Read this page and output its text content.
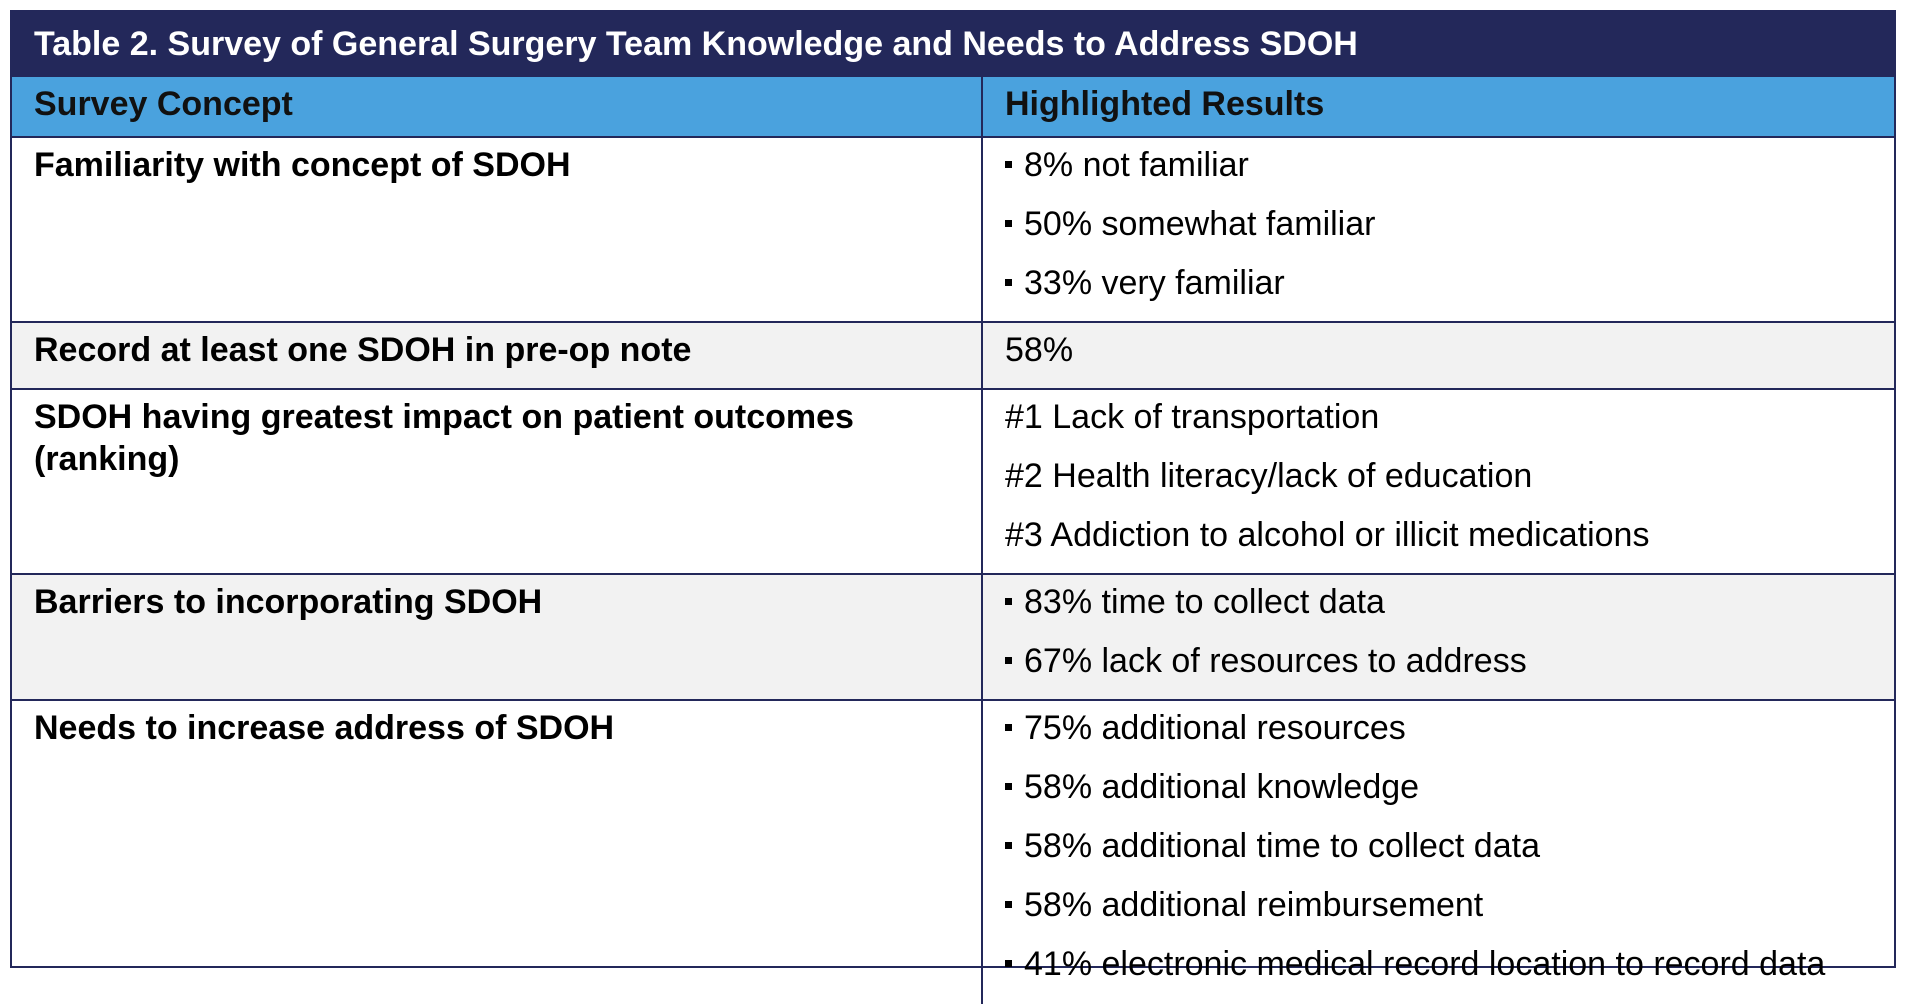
Table 2. Survey of General Surgery Team Knowledge and Needs to Address SDOH
Survey Concept	Highlighted Results
Familiarity with concept of SDOH	8% not familiar
50% somewhat familiar
33% very familiar

Record at least one SDOH in pre-op note	58%

SDOH having greatest impact on patient outcomes (ranking)	#1 Lack of transportation
#2 Health literacy/lack of education
#3 Addiction to alcohol or illicit medications

Barriers to incorporating SDOH	83% time to collect data
67% lack of resources to address

Needs to increase address of SDOH	75% additional resources
58% additional knowledge
58% additional time to collect data
58% additional reimbursement
41% electronic medical record location to record data
